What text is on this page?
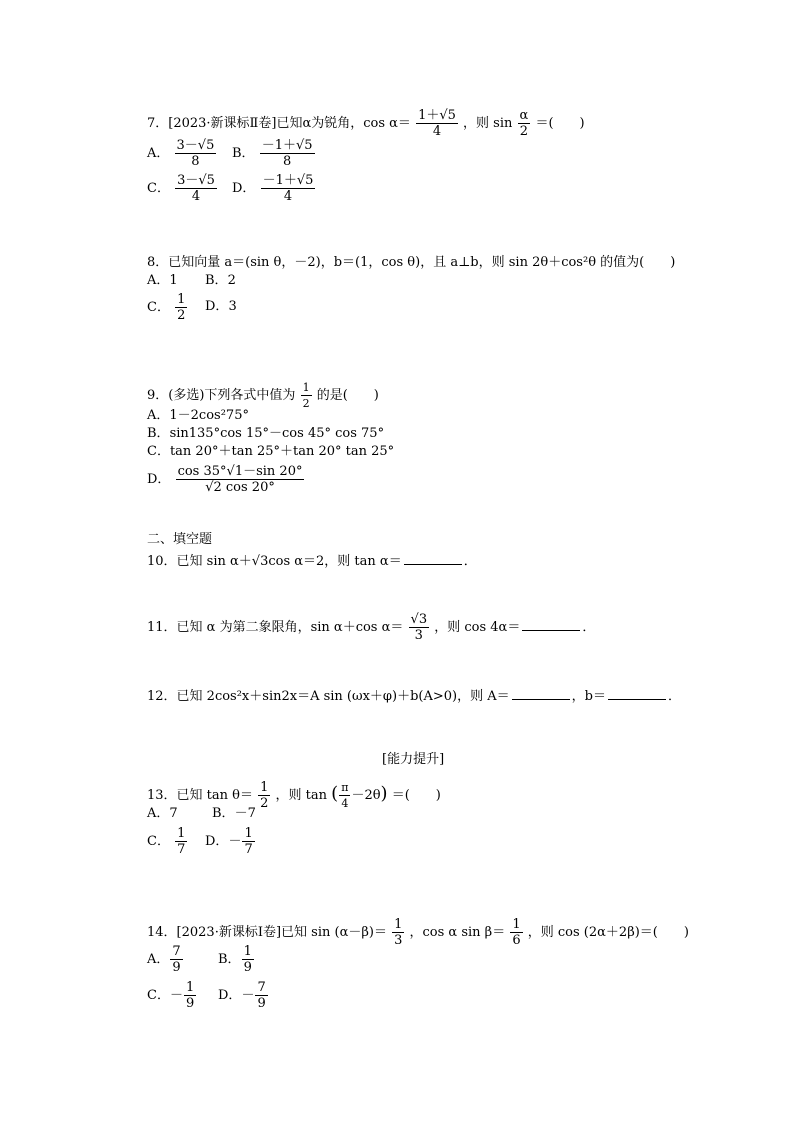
7．[2023·新课标Ⅱ卷]已知α为锐角，$\cos \alpha= \frac{1+√5}{4}$ ，则 $\sin \frac{\alpha}{2}$ ＝( )
A． $\frac{3-√5}{8}$ B． $\frac{-1+√5}{8}$
C． $\frac{3-√5}{4}$ D． $\frac{-1+√5}{4}$
8．已知向量 a＝(sin θ，－2)，b＝(1，cos θ)，且 a⊥b，则 sin 2θ＋cos²θ 的值为( )
A．1 B．2
C． $\frac{1}{2}$ D．3
9．(多选)下列各式中值为 $\frac{1}{2}$ 的是( )
A．1－2cos²75°
B．sin135°cos 15°－cos 45° cos 75°
C．tan 20°＋tan 25°＋tan 20° tan 25°
D． $\frac{\cos 35^\circ√1-\sin 20^\circ}{√2 \cos 20^\circ}$
二、填空题
10．已知 sin α＋√3cos α＝2，则 tan α＝	．
11．已知 α 为第二象限角，sin α＋cos $\alpha= \frac{√3}{3}$ ，则 cos 4α＝	．
12．已知 2cos²x＋sin2x＝A sin (ωx＋φ)＋b(A>0)，则 A＝	，b＝	．
[能力提升]
13．已知 $\tan \theta= \frac{1}{2}$ ，则 tan ( $\frac{\pi}{4} -2\theta$) ＝( )
A．7	B．－7
C． $\frac{1}{7}$ D．－ $\frac{1}{7}$
14．[2023·新课标Ⅰ卷]已知 $\sin (\alpha-\beta)= \frac{1}{3}$ ，cos α $\sin \beta= \frac{1}{6}$ ，则 cos (2α＋2β)＝( )
A． $\frac{7}{9}$	B． $\frac{1}{9}$
C．－ $\frac{1}{9}$ D．－ $\frac{7}{9}$
